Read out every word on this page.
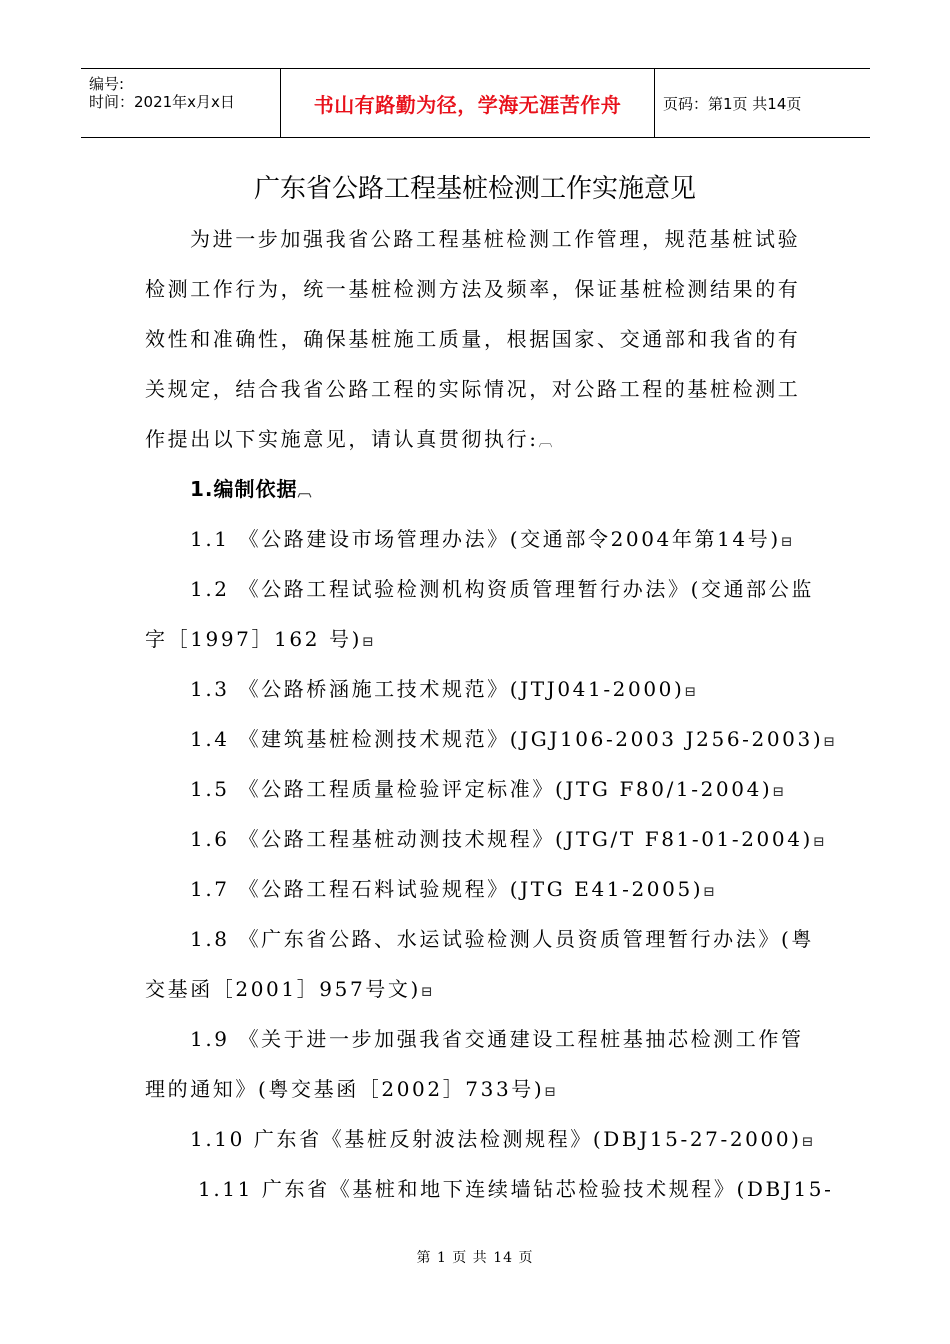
编号:
时间：2021年x月x日	书山有路勤为径，学海无涯苦作舟	页码：第1页 共14页
广东省公路工程基桩检测工作实施意见
为进一步加强我省公路工程基桩检测工作管理，规范基桩试验
检测工作行为，统一基桩检测方法及频率，保证基桩检测结果的有
效性和准确性，确保基桩施工质量，根据国家、交通部和我省的有
关规定，结合我省公路工程的实际情况，对公路工程的基桩检测工
作提出以下实施意见，请认真贯彻执行:︹
1.编制依据︹
1.1 《公路建设市场管理办法》(交通部令2004年第14号)⊟
1.2 《公路工程试验检测机构资质管理暂行办法》(交通部公监
字［1997］162 号)⊟
1.3 《公路桥涵施工技术规范》(JTJ041-2000)⊟
1.4 《建筑基桩检测技术规范》(JGJ106-2003 J256-2003)⊟
1.5 《公路工程质量检验评定标准》(JTG F80/1-2004)⊟
1.6 《公路工程基桩动测技术规程》(JTG/T F81-01-2004)⊟
1.7 《公路工程石料试验规程》(JTG E41-2005)⊟
1.8 《广东省公路、水运试验检测人员资质管理暂行办法》(粤
交基函［2001］957号文)⊟
1.9 《关于进一步加强我省交通建设工程桩基抽芯检测工作管
理的通知》(粤交基函［2002］733号)⊟
1.10 广东省《基桩反射波法检测规程》(DBJ15-27-2000)⊟
1.11 广东省《基桩和地下连续墙钻芯检验技术规程》(DBJ15-
第 1 页 共 14 页
